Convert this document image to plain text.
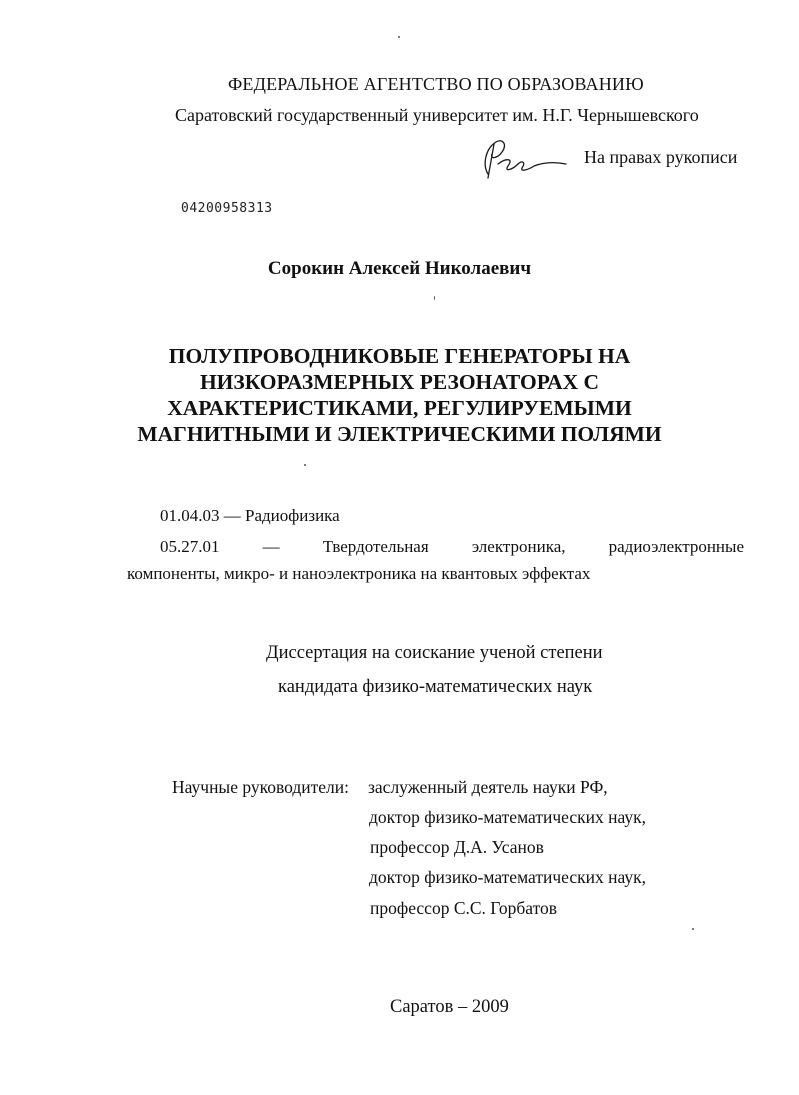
ФЕДЕРАЛЬНОЕ АГЕНТСТВО ПО ОБРАЗОВАНИЮ
Саратовский государственный университет им. Н.Г. Чернышевского
На правах рукописи
04200958313
Сорокин Алексей Николаевич
ПОЛУПРОВОДНИКОВЫЕ ГЕНЕРАТОРЫ НА
НИЗКОРАЗМЕРНЫХ РЕЗОНАТОРАХ С
ХАРАКТЕРИСТИКАМИ, РЕГУЛИРУЕМЫМИ
МАГНИТНЫМИ И ЭЛЕКТРИЧЕСКИМИ ПОЛЯМИ
01.04.03 — Радиофизика
05.27.01	—	Твердотельная	электроника,	радиоэлектронные
компоненты, микро- и наноэлектроника на квантовых эффектах
Диссертация на соискание ученой степени
кандидата физико-математических наук
Научные руководители: заслуженный деятель науки РФ,
доктор физико-математических наук,
профессор Д.А. Усанов
доктор физико-математических наук,
профессор С.С. Горбатов
Саратов – 2009
